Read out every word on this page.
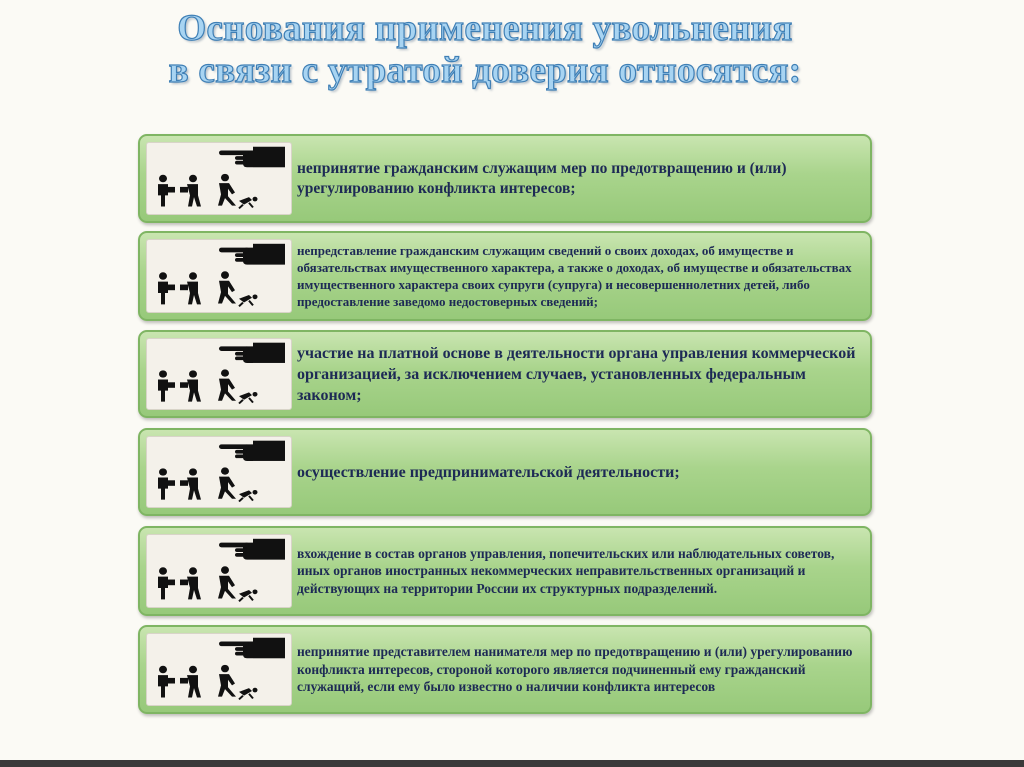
Основания применения увольнения
в связи с утратой доверия относятся:
непринятие гражданским служащим мер по предотвращению и (или) урегулированию конфликта интересов;
непредставление гражданским служащим сведений о своих доходах, об имуществе и обязательствах имущественного характера, а также о доходах, об имуществе и обязательствах имущественного характера своих супруги (супруга) и несовершеннолетних детей, либо предоставление заведомо недостоверных сведений;
участие на платной основе в деятельности органа управления коммерческой организацией, за исключением случаев, установленных федеральным законом;
осуществление предпринимательской деятельности;
вхождение в состав органов управления, попечительских или наблюдательных советов, иных органов иностранных некоммерческих неправительственных организаций и действующих на территории России их структурных подразделений.
непринятие представителем нанимателя мер по предотвращению и (или) урегулированию конфликта интересов, стороной которого является подчиненный ему гражданский служащий, если ему было известно о наличии конфликта интересов
